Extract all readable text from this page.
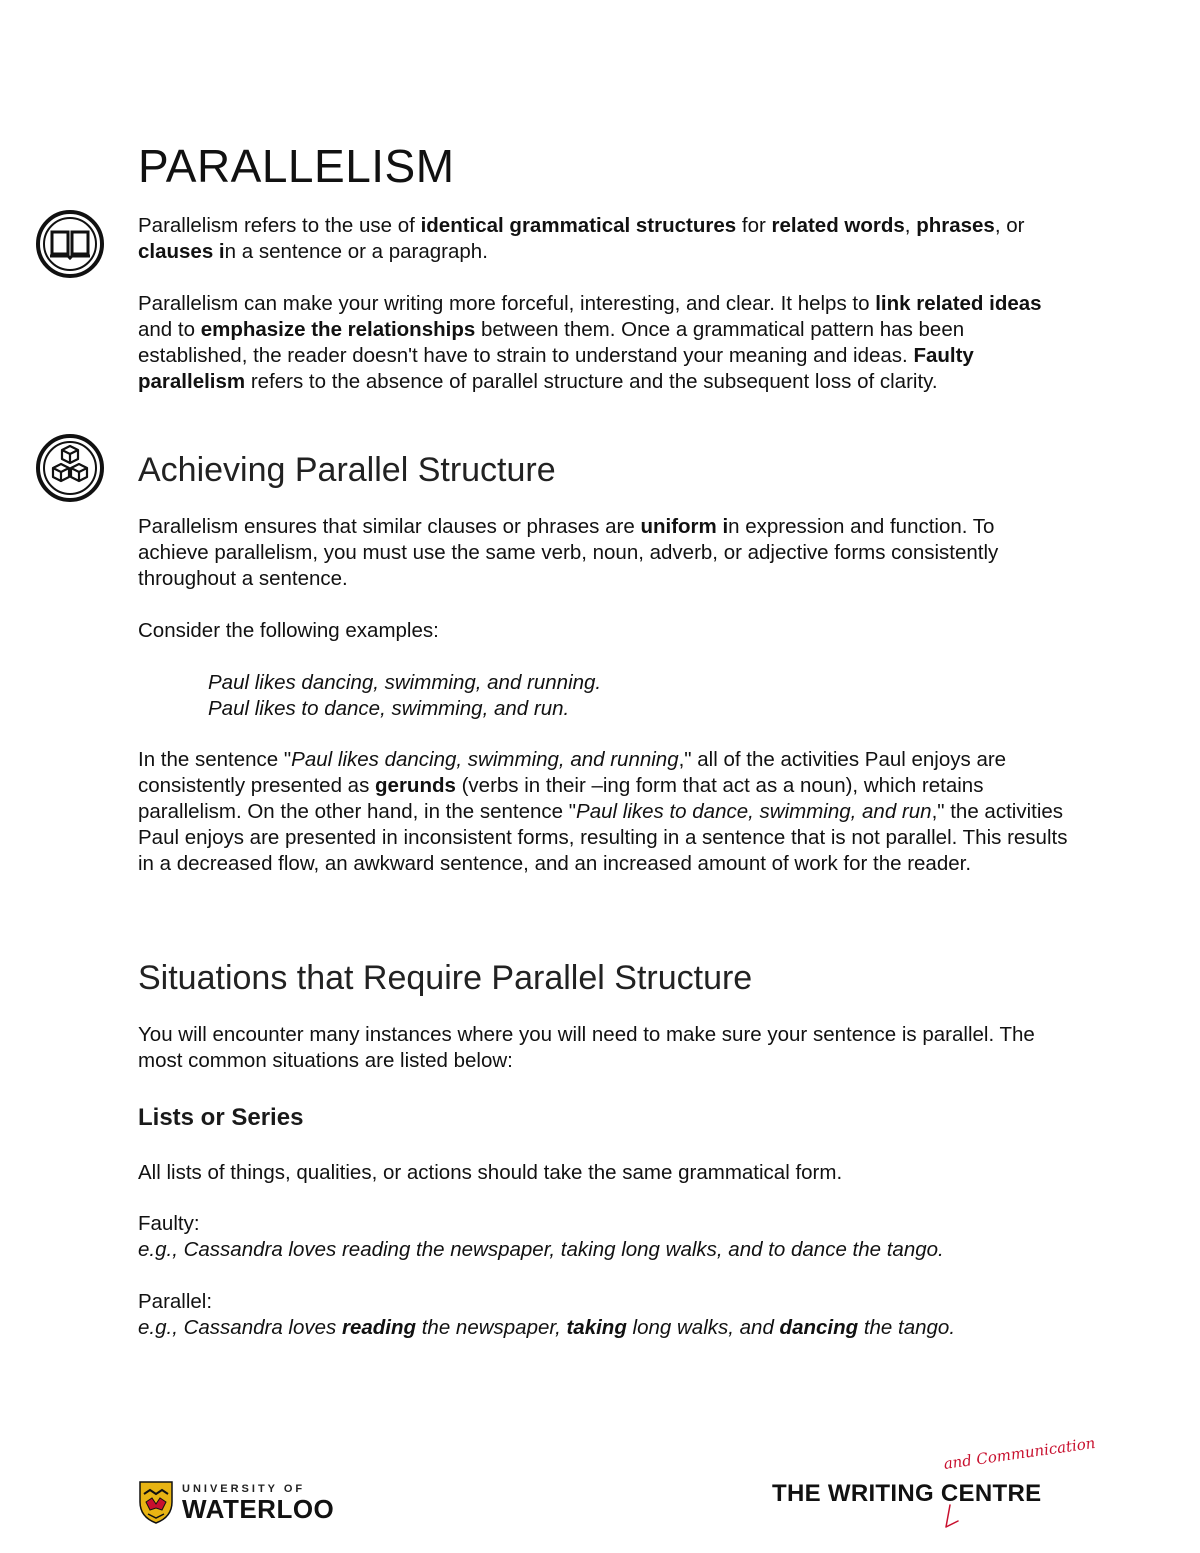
PARALLELISM

Parallelism refers to the use of identical grammatical structures for related words, phrases, or clauses in a sentence or a paragraph.

Parallelism can make your writing more forceful, interesting, and clear. It helps to link related ideas and to emphasize the relationships between them. Once a grammatical pattern has been established, the reader doesn't have to strain to understand your meaning and ideas. Faulty parallelism refers to the absence of parallel structure and the subsequent loss of clarity.

Achieving Parallel Structure

Parallelism ensures that similar clauses or phrases are uniform in expression and function. To achieve parallelism, you must use the same verb, noun, adverb, or adjective forms consistently throughout a sentence.

Consider the following examples:

Paul likes dancing, swimming, and running.

Paul likes to dance, swimming, and run.

In the sentence "Paul likes dancing, swimming, and running," all of the activities Paul enjoys are consistently presented as gerunds (verbs in their –ing form that act as a noun), which retains parallelism. On the other hand, in the sentence "Paul likes to dance, swimming, and run," the activities Paul enjoys are presented in inconsistent forms, resulting in a sentence that is not parallel. This results in a decreased flow, an awkward sentence, and an increased amount of work for the reader.

Situations that Require Parallel Structure

You will encounter many instances where you will need to make sure your sentence is parallel. The most common situations are listed below:

Lists or Series

All lists of things, qualities, or actions should take the same grammatical form.

Faulty:

e.g., Cassandra loves reading the newspaper, taking long walks, and to dance the tango.

Parallel:

e.g., Cassandra loves reading the newspaper, taking long walks, and dancing the tango.

UNIVERSITY OF
WATERLOO
and Communication
THE WRITING CENTRE
